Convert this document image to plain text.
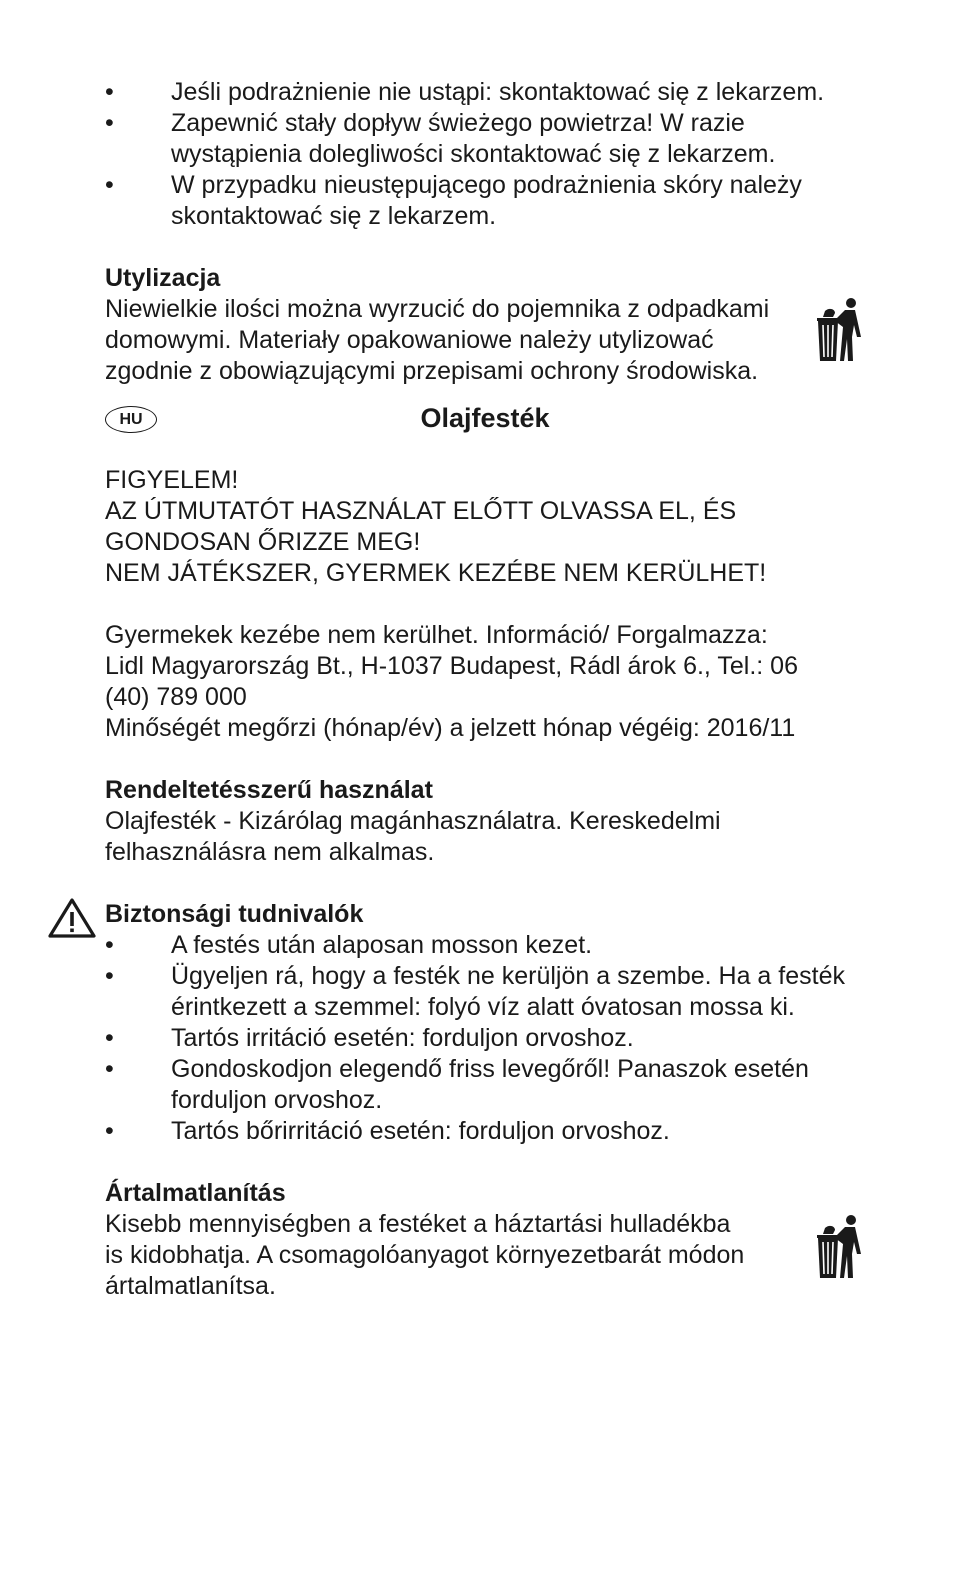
• Jeśli podrażnienie nie ustąpi: skontaktować się z lekarzem.
• Zapewnić stały dopływ świeżego powietrza! W razie wystąpienia dolegliwości skontaktować się z lekarzem.
• W przypadku nieustępującego podrażnienia skóry należy skontaktować się z lekarzem.

Utylizacja

Niewielkie ilości można wyrzucić do pojemnika z odpadkami

domowymi. Materiały opakowaniowe należy utylizować

zgodnie z obowiązującymi przepisami ochrony środowiska.

HU	Olajfesték

FIGYELEM!

AZ ÚTMUTATÓT HASZNÁLAT ELŐTT OLVASSA EL, ÉS

GONDOSAN ŐRIZZE MEG!

NEM JÁTÉKSZER, GYERMEK KEZÉBE NEM KERÜLHET!

Gyermekek kezébe nem kerülhet. Információ/ Forgalmazza:

Lidl Magyarország Bt., H-1037 Budapest, Rádl árok 6., Tel.: 06

(40) 789 000

Minőségét megőrzi (hónap/év) a jelzett hónap végéig: 2016/11

Rendeltetésszerű használat

Olajfesték - Kizárólag magánhasználatra. Kereskedelmi

felhasználásra nem alkalmas.

Biztonsági tudnivalók

• A festés után alaposan mosson kezet.
• Ügyeljen rá, hogy a festék ne kerüljön a szembe. Ha a festék érintkezett a szemmel: folyó víz alatt óvatosan mossa ki.
• Tartós irritáció esetén: forduljon orvoshoz.
• Gondoskodjon elegendő friss levegőről! Panaszok esetén forduljon orvoshoz.
• Tartós bőrirritáció esetén: forduljon orvoshoz.

Ártalmatlanítás

Kisebb mennyiségben a festéket a háztartási hulladékba

is kidobhatja. A csomagolóanyagot környezetbarát módon

ártalmatlanítsa.
